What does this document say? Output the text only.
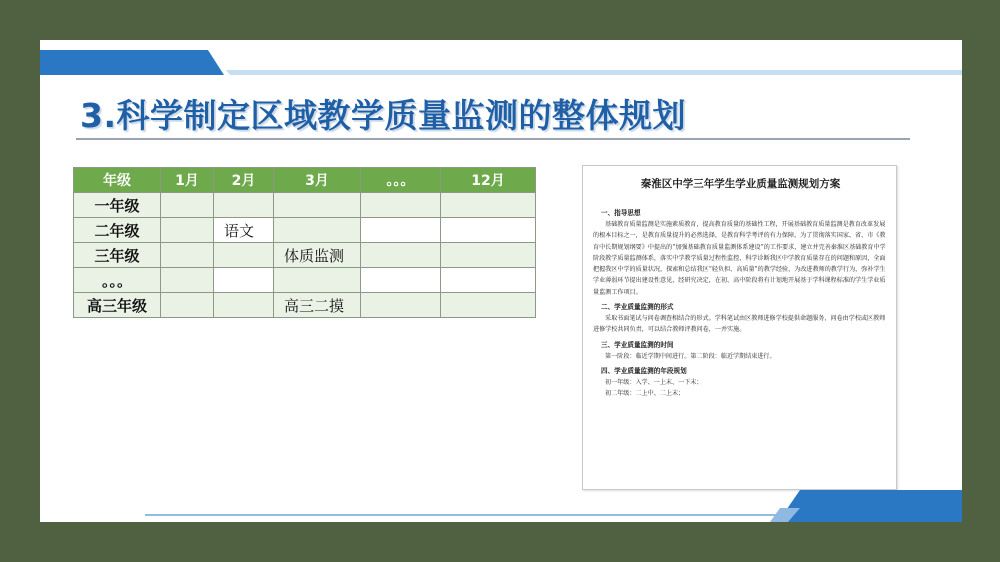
3.科学制定区域教学质量监测的整体规划
年级	1月	2月	3月	。。。	12月
一年级					
二年级		语文			
三年级			体质监测		
。。。					
高三年级			高三二摸		
秦淮区中学三年学生学业质量监测规划方案
一、指导思想

基础教育质量监测是实施素质教育，提高教育质量的基础性工程，开展基础教育质量监测是教育改革发展的根本目标之一，是教育质量提升的必然选择，是教育科学考评的有力保障。为了贯彻落实国家、省、市《教育中长期规划纲要》中提出的“加强基础教育质量监测体系建设”的工作要求，建立并完善秦淮区基础教育中学阶段教学质量监测体系，落实中学教学质量过程性监控，科学诊断我区中学教育质量存在的问题和原因，全面把握我区中学的质量状况，探索和总结我区“轻负担、高质量”的教学经验，为改进教师的教学行为，弥补学生学业薄弱环节提出建设性意见，经研究决定，在初、高中阶段将有计划地开展基于学科课程标准的学生学业质量监测工作项目。

二、学业质量监测的形式

采取书面笔试与问卷调查相结合的形式。学科笔试由区教师进修学校提供命题服务，问卷由学校或区教师进修学校共同负责，可以结合教师评教问卷，一并实施。

三、学业质量监测的时间

第一阶段：临近学期中间进行。第二阶段：临近学期结束进行。

四、学业质量监测的年段规划

初一年级：入学、一上末、一下末；

初二年级：二上中、二上末；
